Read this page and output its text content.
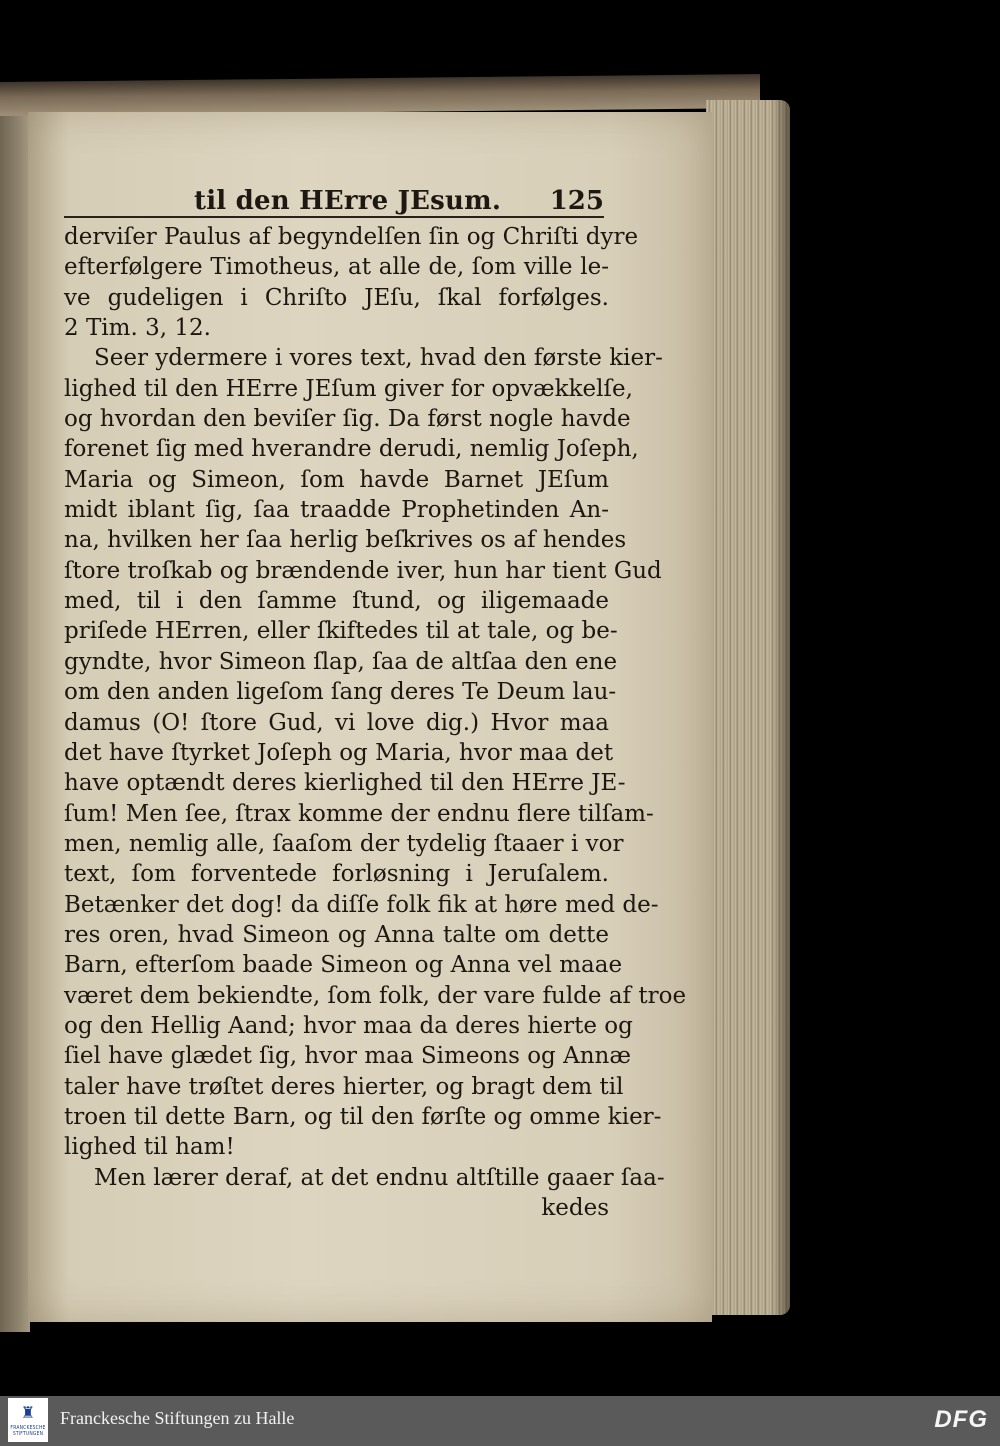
til den HErre JEsum. 125
derviſer Paulus af begyndelſen ſin og Chriſti dyre
efterfølgere Timotheus, at alle de, ſom ville le-
ve gudeligen i Chriſto JEſu, ſkal forfølges.
2 Tim. 3, 12.
Seer ydermere i vores text, hvad den første kier-
lighed til den HErre JEſum giver for opvækkelſe,
og hvordan den beviſer ſig. Da først nogle havde
forenet ſig med hverandre derudi, nemlig Joſeph,
Maria og Simeon, ſom havde Barnet JEſum
midt iblant ſig, ſaa traadde Prophetinden An-
na, hvilken her ſaa herlig beſkrives os af hendes
ſtore troſkab og brændende iver, hun har tient Gud
med, til i den ſamme ſtund, og iligemaade
priſede HErren, eller ſkiftedes til at tale, og be-
gyndte, hvor Simeon ſlap, ſaa de altſaa den ene
om den anden ligeſom ſang deres Te Deum lau-
damus (O! ſtore Gud, vi love dig.) Hvor maa
det have ſtyrket Joſeph og Maria, hvor maa det
have optændt deres kierlighed til den HErre JE-
ſum! Men ſee, ſtrax komme der endnu flere tilſam-
men, nemlig alle, ſaaſom der tydelig ſtaaer i vor
text, ſom forventede forløsning i Jeruſalem.
Betænker det dog! da diſſe folk fik at høre med de-
res oren, hvad Simeon og Anna talte om dette
Barn, efterſom baade Simeon og Anna vel maae
været dem bekiendte, ſom folk, der vare fulde af troe
og den Hellig Aand; hvor maa da deres hierte og
ſiel have glædet ſig, hvor maa Simeons og Annæ
taler have trøſtet deres hierter, og bragt dem til
troen til dette Barn, og til den førſte og omme kier-
lighed til ham!
Men lærer deraf, at det endnu altſtille gaaer ſaa-
kedes
♜
FRANCKESCHE STIFTUNGEN
Franckesche Stiftungen zu Halle	DFG
